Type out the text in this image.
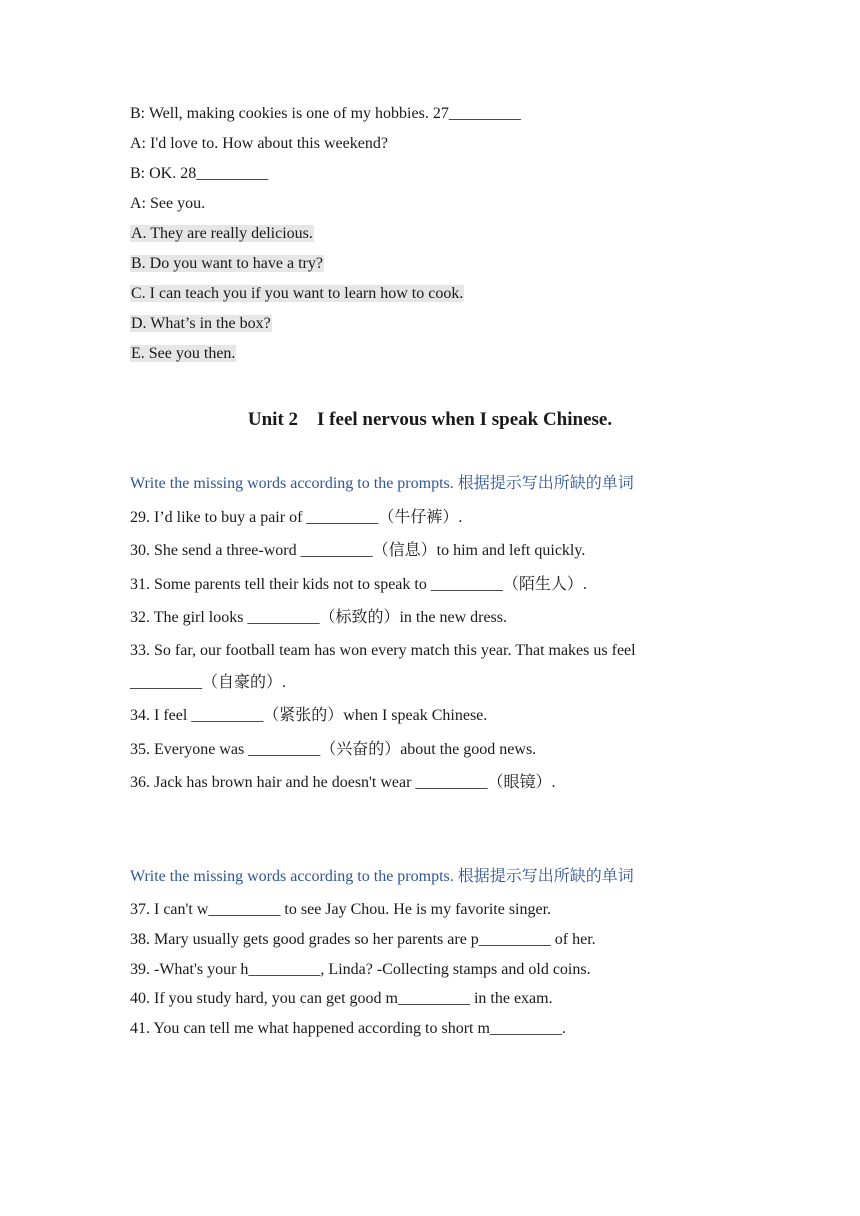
B: Well, making cookies is one of my hobbies. 27_________
A: I'd love to. How about this weekend?
B: OK. 28_________
A: See you.
A. They are really delicious.
B. Do you want to have a try?
C. I can teach you if you want to learn how to cook.
D. What’s in the box?
E. See you then.
Unit 2    I feel nervous when I speak Chinese.
Write the missing words according to the prompts. 根据提示写出所缺的单词
29. I’d like to buy a pair of _________（牛仔裤）.
30. She send a three-word _________（信息）to him and left quickly.
31. Some parents tell their kids not to speak to _________（陌生人）.
32. The girl looks _________（标致的）in the new dress.
33. So far, our football team has won every match this year. That makes us feel
_________（自豪的）.
34. I feel _________（紧张的）when I speak Chinese.
35. Everyone was _________（兴奋的）about the good news.
36. Jack has brown hair and he doesn't wear _________（眼镜）.
Write the missing words according to the prompts. 根据提示写出所缺的单词
37. I can't w_________ to see Jay Chou. He is my favorite singer.
38. Mary usually gets good grades so her parents are p_________ of her.
39. -What's your h_________, Linda? -Collecting stamps and old coins.
40. If you study hard, you can get good m_________ in the exam.
41. You can tell me what happened according to short m_________.
